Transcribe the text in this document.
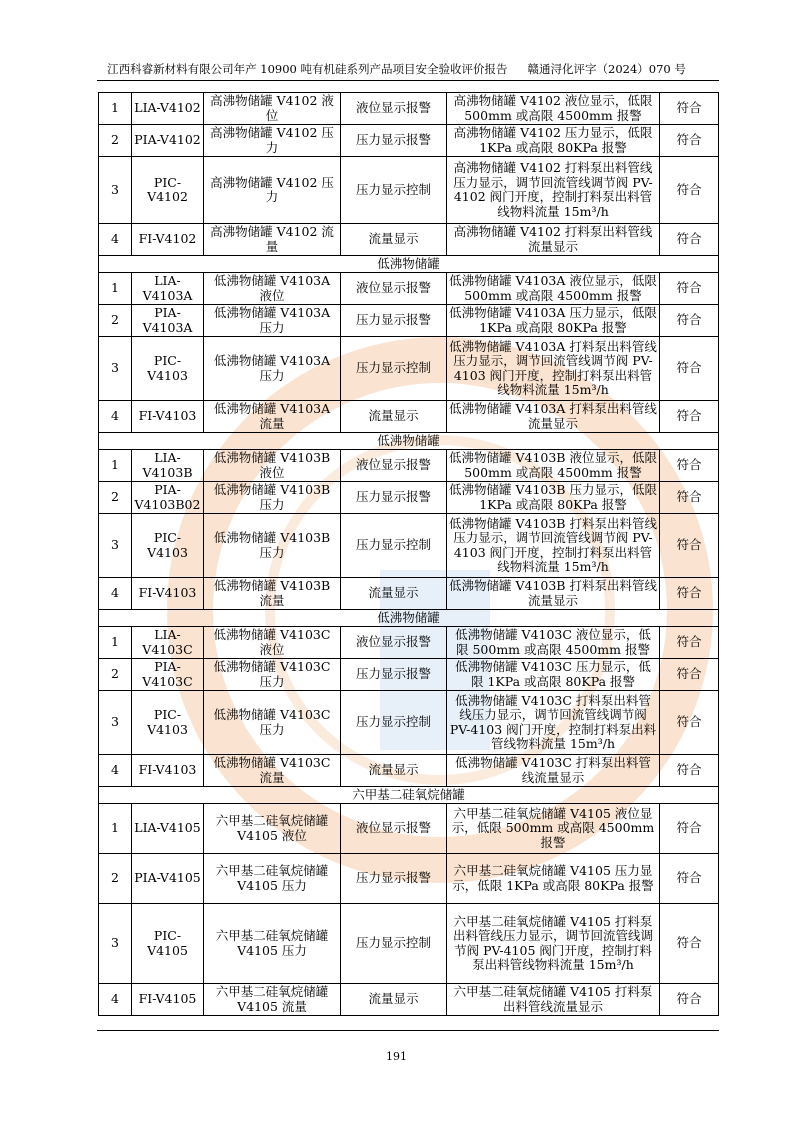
江西科睿新材料有限公司年产 10900 吨有机硅系列产品项目安全验收评价报告 赣通浔化评字（2024）070 号
1	LIA-V4102	高沸物储罐 V4102 液位	液位显示报警	高沸物储罐 V4102 液位显示，低限 500mm 或高限 4500mm 报警	符合
2	PIA-V4102	高沸物储罐 V4102 压力	压力显示报警	高沸物储罐 V4102 压力显示，低限 1KPa 或高限 80KPa 报警	符合
3	PIC-V4102	高沸物储罐 V4102 压力	压力显示控制	高沸物储罐 V4102 打料泵出料管线压力显示，调节回流管线调节阀 PV-4102 阀门开度，控制打料泵出料管线物料流量 15m³/h	符合
4	FI-V4102	高沸物储罐 V4102 流量	流量显示	高沸物储罐 V4102 打料泵出料管线流量显示	符合
低沸物储罐					
1	LIA-V4103A	低沸物储罐 V4103A 液位	液位显示报警	低沸物储罐 V4103A 液位显示，低限 500mm 或高限 4500mm 报警	符合
2	PIA-V4103A	低沸物储罐 V4103A 压力	压力显示报警	低沸物储罐 V4103A 压力显示，低限 1KPa 或高限 80KPa 报警	符合
3	PIC-V4103	低沸物储罐 V4103A 压力	压力显示控制	低沸物储罐 V4103A 打料泵出料管线压力显示，调节回流管线调节阀 PV-4103 阀门开度，控制打料泵出料管线物料流量 15m³/h	符合
4	FI-V4103	低沸物储罐 V4103A 流量	流量显示	低沸物储罐 V4103A 打料泵出料管线流量显示	符合
低沸物储罐					
1	LIA-V4103B	低沸物储罐 V4103B 液位	液位显示报警	低沸物储罐 V4103B 液位显示，低限 500mm 或高限 4500mm 报警	符合
2	PIA-V4103B02	低沸物储罐 V4103B 压力	压力显示报警	低沸物储罐 V4103B 压力显示，低限 1KPa 或高限 80KPa 报警	符合
3	PIC-V4103	低沸物储罐 V4103B 压力	压力显示控制	低沸物储罐 V4103B 打料泵出料管线压力显示，调节回流管线调节阀 PV-4103 阀门开度，控制打料泵出料管线物料流量 15m³/h	符合
4	FI-V4103	低沸物储罐 V4103B 流量	流量显示	低沸物储罐 V4103B 打料泵出料管线流量显示	符合
低沸物储罐					
1	LIA-V4103C	低沸物储罐 V4103C 液位	液位显示报警	低沸物储罐 V4103C 液位显示，低限 500mm 或高限 4500mm 报警	符合
2	PIA-V4103C	低沸物储罐 V4103C 压力	压力显示报警	低沸物储罐 V4103C 压力显示，低限 1KPa 或高限 80KPa 报警	符合
3	PIC-V4103	低沸物储罐 V4103C 压力	压力显示控制	低沸物储罐 V4103C 打料泵出料管线压力显示，调节回流管线调节阀 PV-4103 阀门开度，控制打料泵出料管线物料流量 15m³/h	符合
4	FI-V4103	低沸物储罐 V4103C 流量	流量显示	低沸物储罐 V4103C 打料泵出料管线流量显示	符合
六甲基二硅氧烷储罐					
1	LIA-V4105	六甲基二硅氧烷储罐 V4105 液位	液位显示报警	六甲基二硅氧烷储罐 V4105 液位显示，低限 500mm 或高限 4500mm 报警	符合
2	PIA-V4105	六甲基二硅氧烷储罐 V4105 压力	压力显示报警	六甲基二硅氧烷储罐 V4105 压力显示，低限 1KPa 或高限 80KPa 报警	符合
3	PIC-V4105	六甲基二硅氧烷储罐 V4105 压力	压力显示控制	六甲基二硅氧烷储罐 V4105 打料泵出料管线压力显示，调节回流管线调节阀 PV-4105 阀门开度，控制打料泵出料管线物料流量 15m³/h	符合
4	FI-V4105	六甲基二硅氧烷储罐 V4105 流量	流量显示	六甲基二硅氧烷储罐 V4105 打料泵出料管线流量显示	符合
191
